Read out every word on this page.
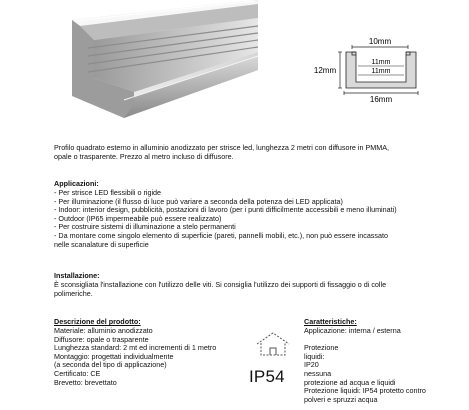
10mm
12mm
11mm
11mm
16mm
Profilo quadrato esterno in alluminio anodizzato per strisce led, lunghezza 2 metri con diffusore in PMMA,
opale o trasparente. Prezzo al metro incluso di diffusore.
Applicazioni:
- Per strisce LED flessibili o rigide
- Per illuminazione (il flusso di luce può variare a seconda della potenza dei LED applicata)
- Indoor: interior design, pubblicità, postazioni di lavoro (per i punti difficilmente accessibili e meno illuminati)
- Outdoor (IP65 impermeabile può essere realizzato)
- Per costruire sistemi di illuminazione a stelo permanenti
- Da montare come singolo elemento di superficie (pareti, pannelli mobili, etc.), non può essere incassato
nelle scanalature di superficie
Installazione:
È sconsigliata l'installazione con l'utilizzo delle viti. Si consiglia l'utilizzo dei supporti di fissaggio o di colle
polimeriche.
Descrizione del prodotto:
Materiale: alluminio anodizzato
Diffusore: opale o trasparente
Lunghezza standard: 2 mt ed incrementi di 1 metro
Montaggio: progettati individualmente
(a seconda del tipo di applicazione)
Certificato: CE
Brevetto: brevettato	IP54
Caratteristiche:
Applicazione: interna / esterna

Protezione
liquidi:
IP20
nessuna

protezione ad acqua e liquidi
Protezione liquidi: IP54 protetto contro
polveri e spruzzi acqua
